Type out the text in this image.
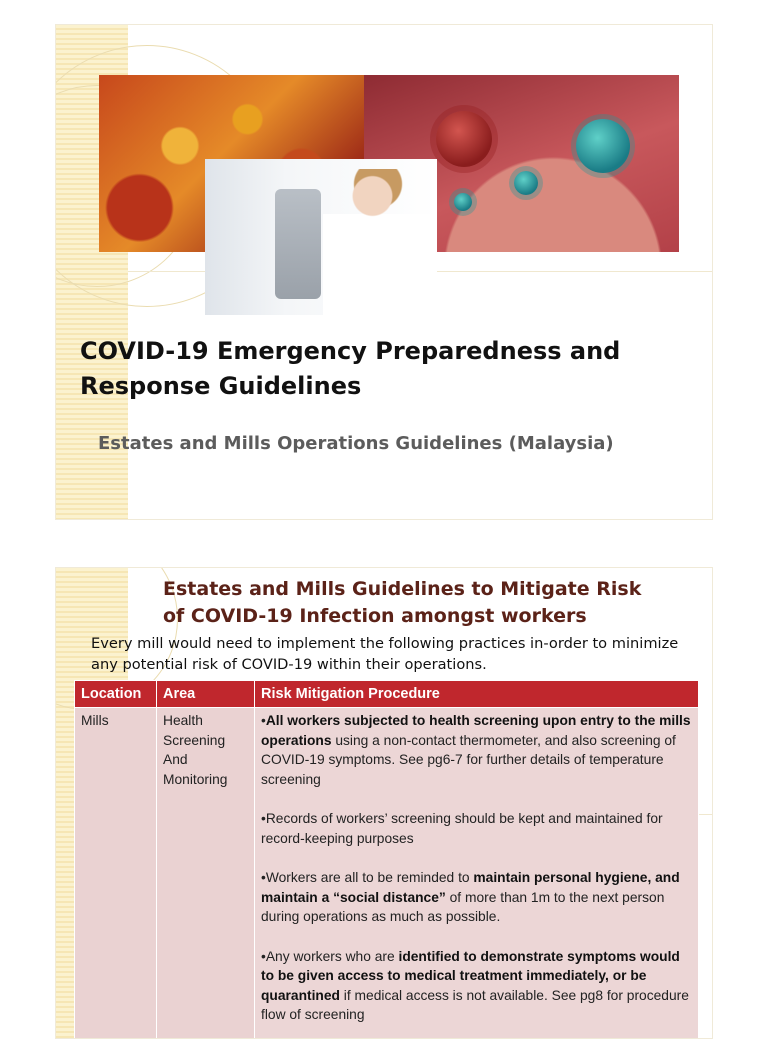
COVID-19 Emergency Preparedness and Response Guidelines

Estates and Mills Operations Guidelines (Malaysia)

Estates and Mills Guidelines to Mitigate Risk of COVID-19 Infection amongst workers

Every mill would need to implement the following practices in-order to minimize any potential risk of COVID-19 within their operations.

Location	Area	Risk Mitigation Procedure
Mills	Health Screening And Monitoring	•All workers subjected to health screening upon entry to the mills operations using a non-contact thermometer, and also screening of COVID-19 symptoms. See pg6-7 for further details of temperature screening

•Records of workers’ screening should be kept and maintained for record-keeping purposes

•Workers are all to be reminded to maintain personal hygiene, and maintain a “social distance” of more than 1m to the next person during operations as much as possible.

•Any workers who are identified to demonstrate symptoms would to be given access to medical treatment immediately, or be quarantined if medical access is not available. See pg8 for procedure flow of screening
